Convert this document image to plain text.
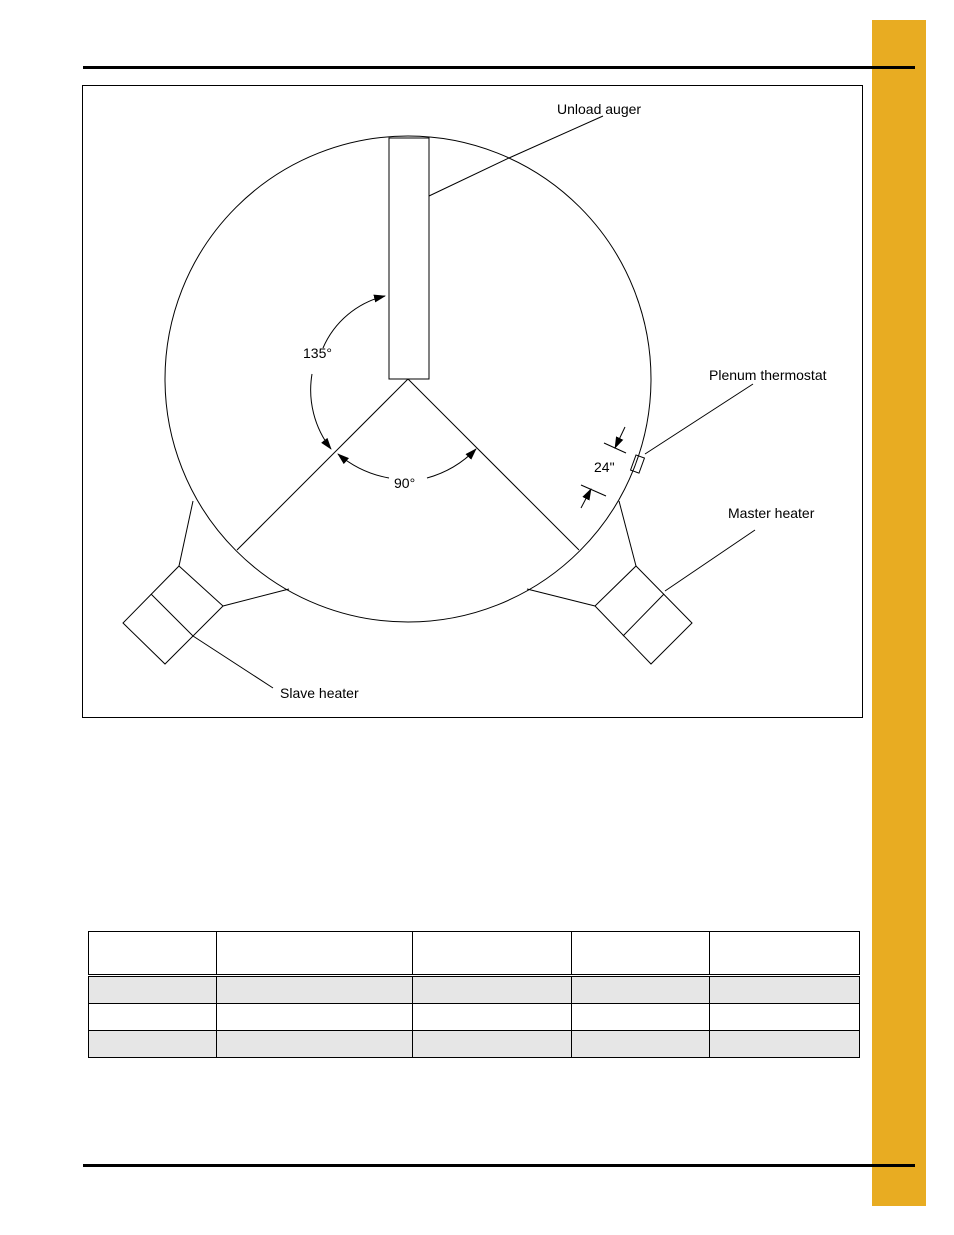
Unload auger
135°
90°
Plenum thermostat
24"
Master heater
Slave heater
